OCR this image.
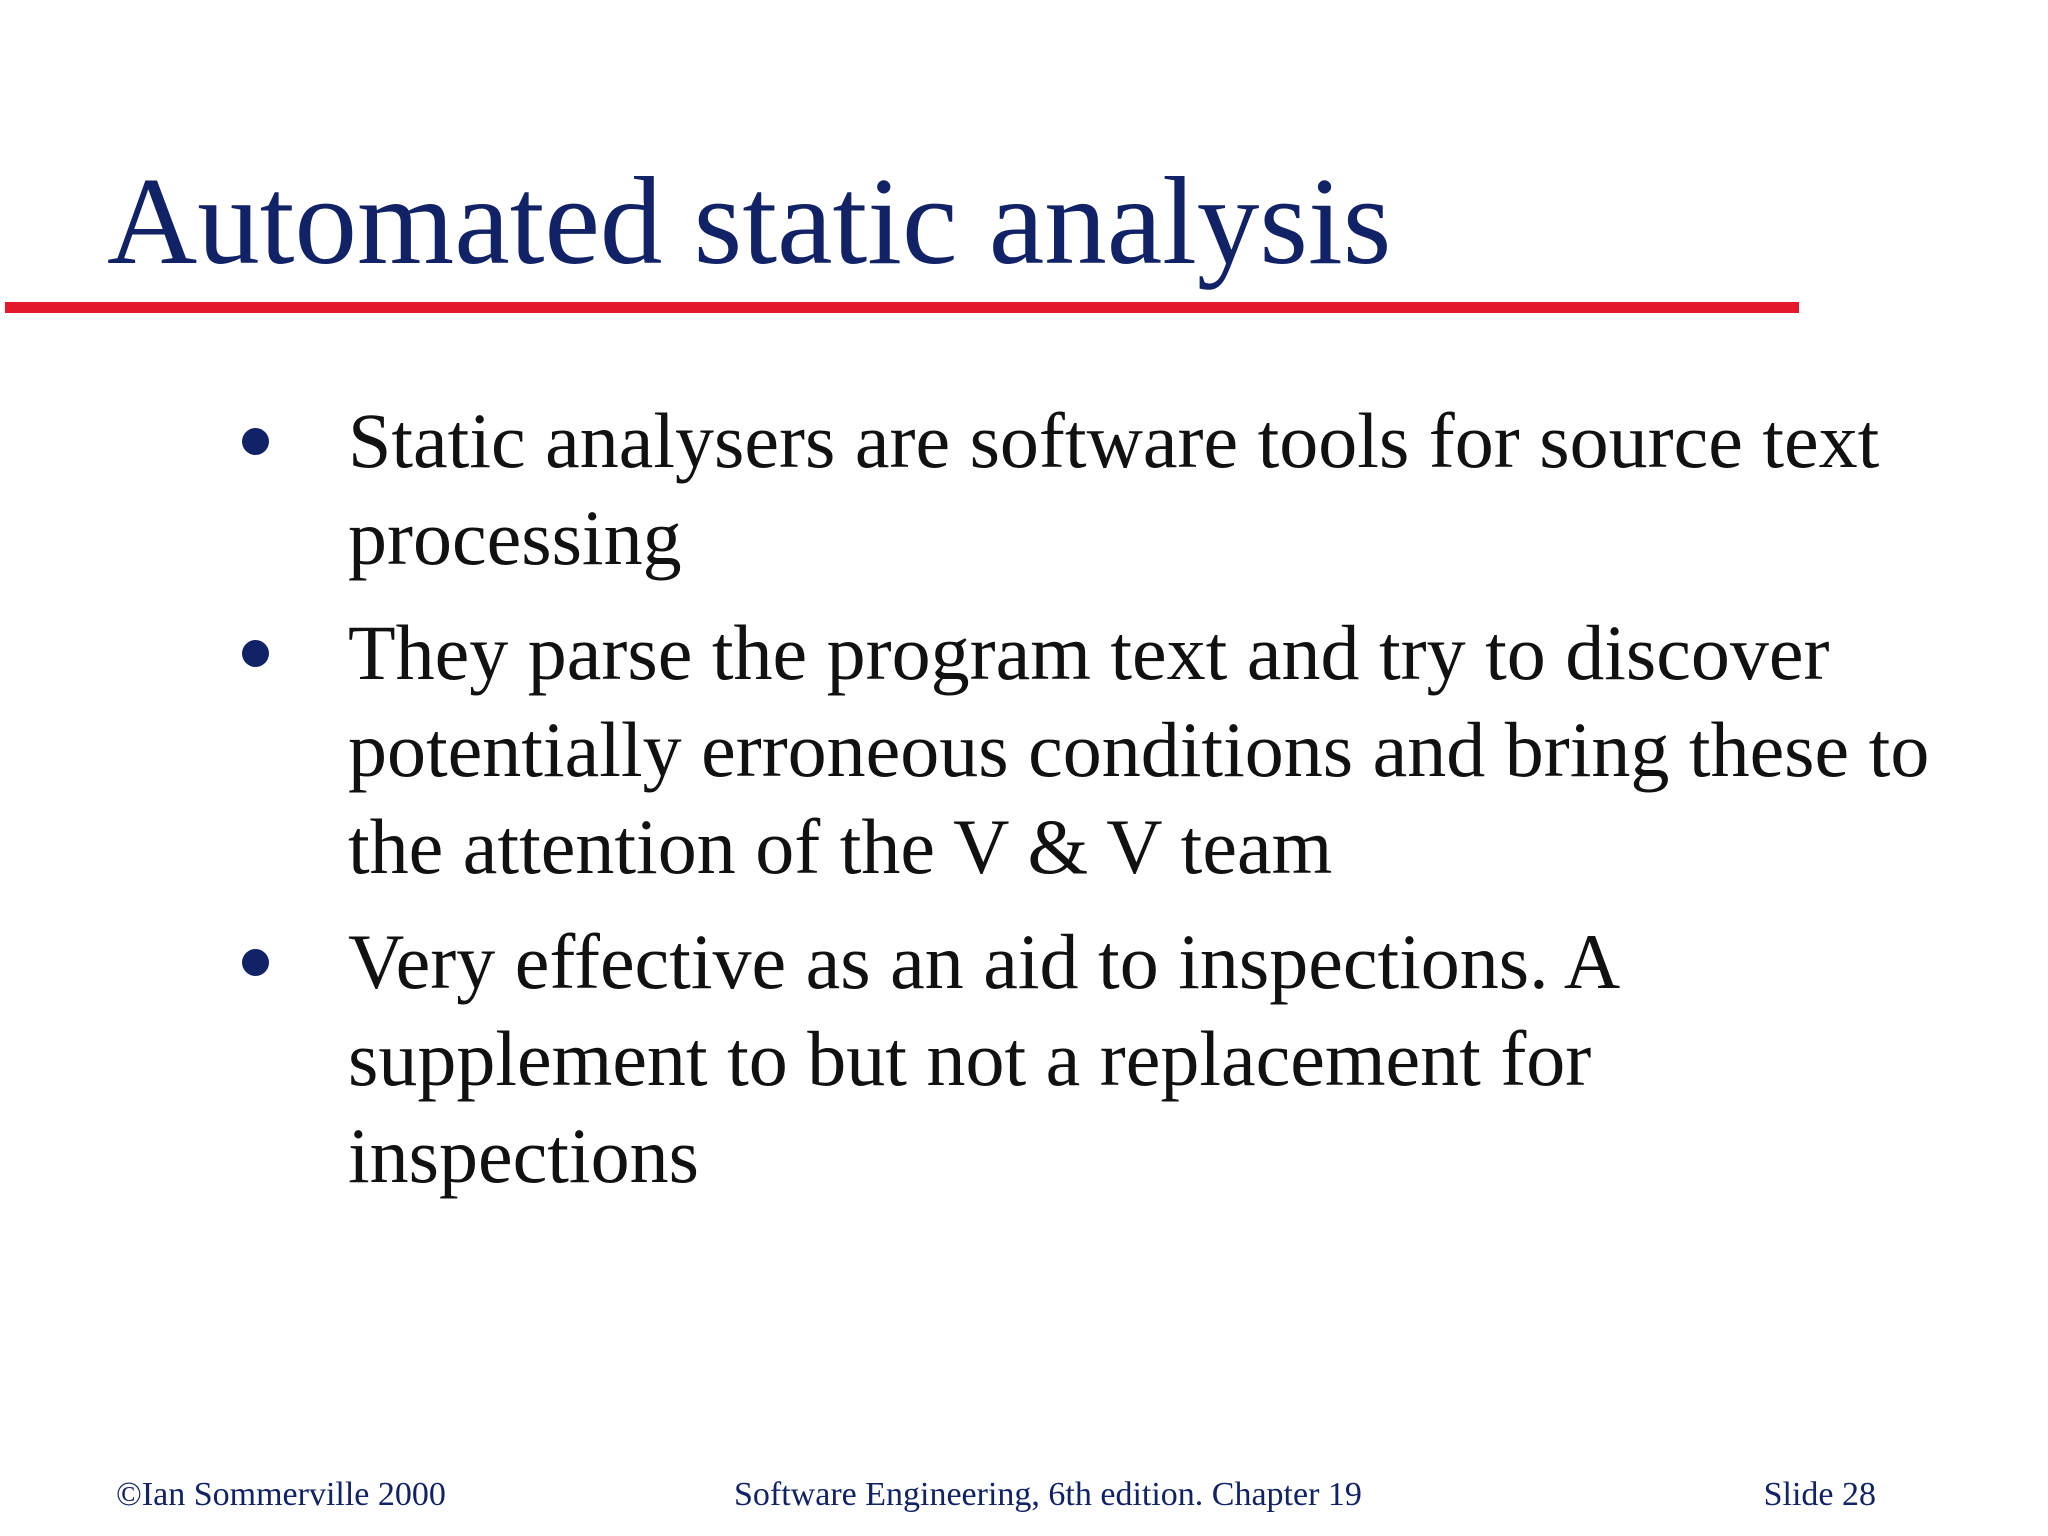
Automated static analysis
Static analysers are software tools for source text processing
They parse the program text and try to discover potentially erroneous conditions and bring these to the attention of the V & V team
Very effective as an aid to inspections. A supplement to but not a replacement for inspections
©Ian Sommerville 2000	Software Engineering, 6th edition. Chapter 19	Slide 28
